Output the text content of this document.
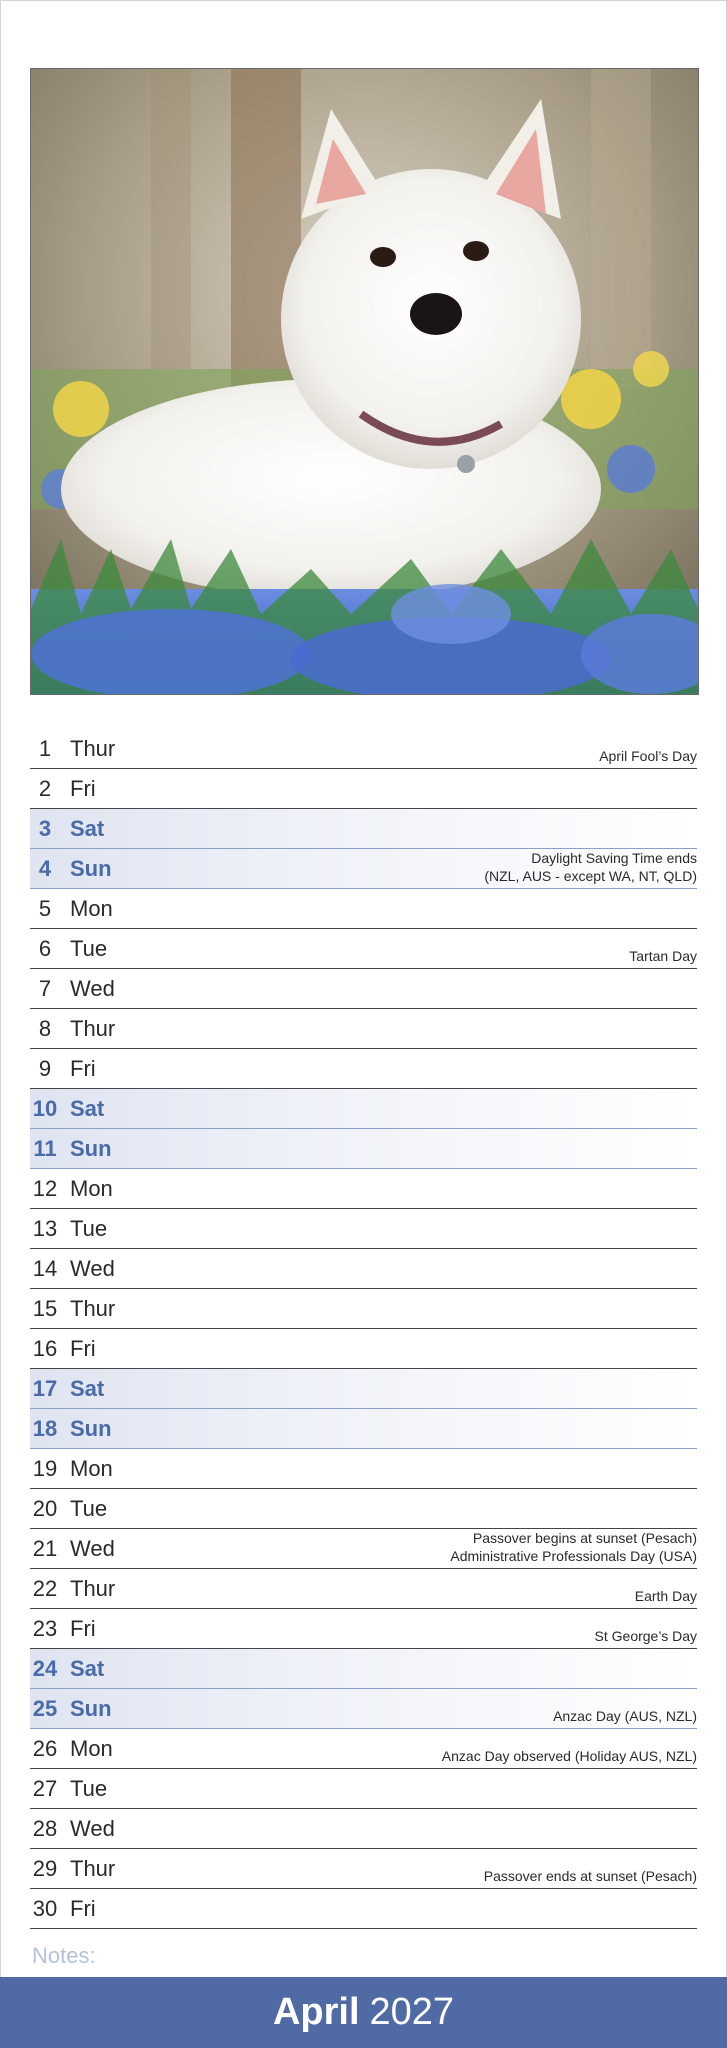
1 Thur	April Fool’s Day
2 Fri
3 Sat
4 Sun	Daylight Saving Time ends
(NZL, AUS - except WA, NT, QLD)
5 Mon
6 Tue	Tartan Day
7 Wed
8 Thur
9 Fri
10 Sat
11 Sun
12 Mon
13 Tue
14 Wed
15 Thur
16 Fri
17 Sat
18 Sun
19 Mon
20 Tue
21 Wed	Passover begins at sunset (Pesach)
Administrative Professionals Day (USA)
22 Thur	Earth Day
23 Fri	St George’s Day
24 Sat
25 Sun	Anzac Day (AUS, NZL)
26 Mon	Anzac Day observed (Holiday AUS, NZL)
27 Tue
28 Wed
29 Thur	Passover ends at sunset (Pesach)
30 Fri
Notes:
April 2027
